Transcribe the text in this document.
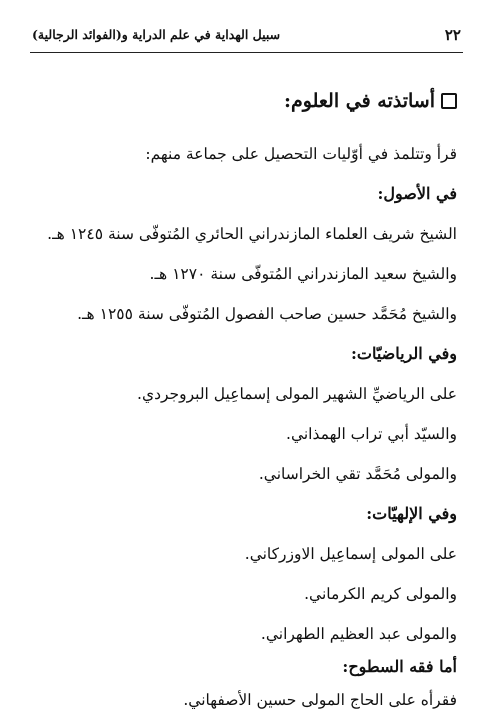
٢٢
سبيل الهداية في علم الدراية و(الفوائد الرجالية)
أساتذته في العلوم:
قرأ وتتلمذ في أوّليات التحصيل على جماعة منهم:
في الأصول:
الشيخ شريف العلماء المازندراني الحائري المُتوفّى سنة ١٢٤٥ هـ.
والشيخ سعيد المازندراني المُتوفّى سنة ١٢٧٠ هـ.
والشيخ مُحَمَّد حسين صاحب الفصول المُتوفّى سنة ١٢٥٥ هـ.
وفي الرياضيّات:
على الرياضيِّ الشهير المولى إسماعِيل البروجردي.
والسيّد أبي تراب الهمذاني.
والمولى مُحَمَّد تقي الخراساني.
وفي الإلهيّات:
على المولى إسماعِيل الاوزركاني.
والمولى كريم الكرماني.
والمولى عبد العظيم الطهراني.
أما فقه السطوح:
فقرأه على الحاج المولى حسين الأصفهاني.
